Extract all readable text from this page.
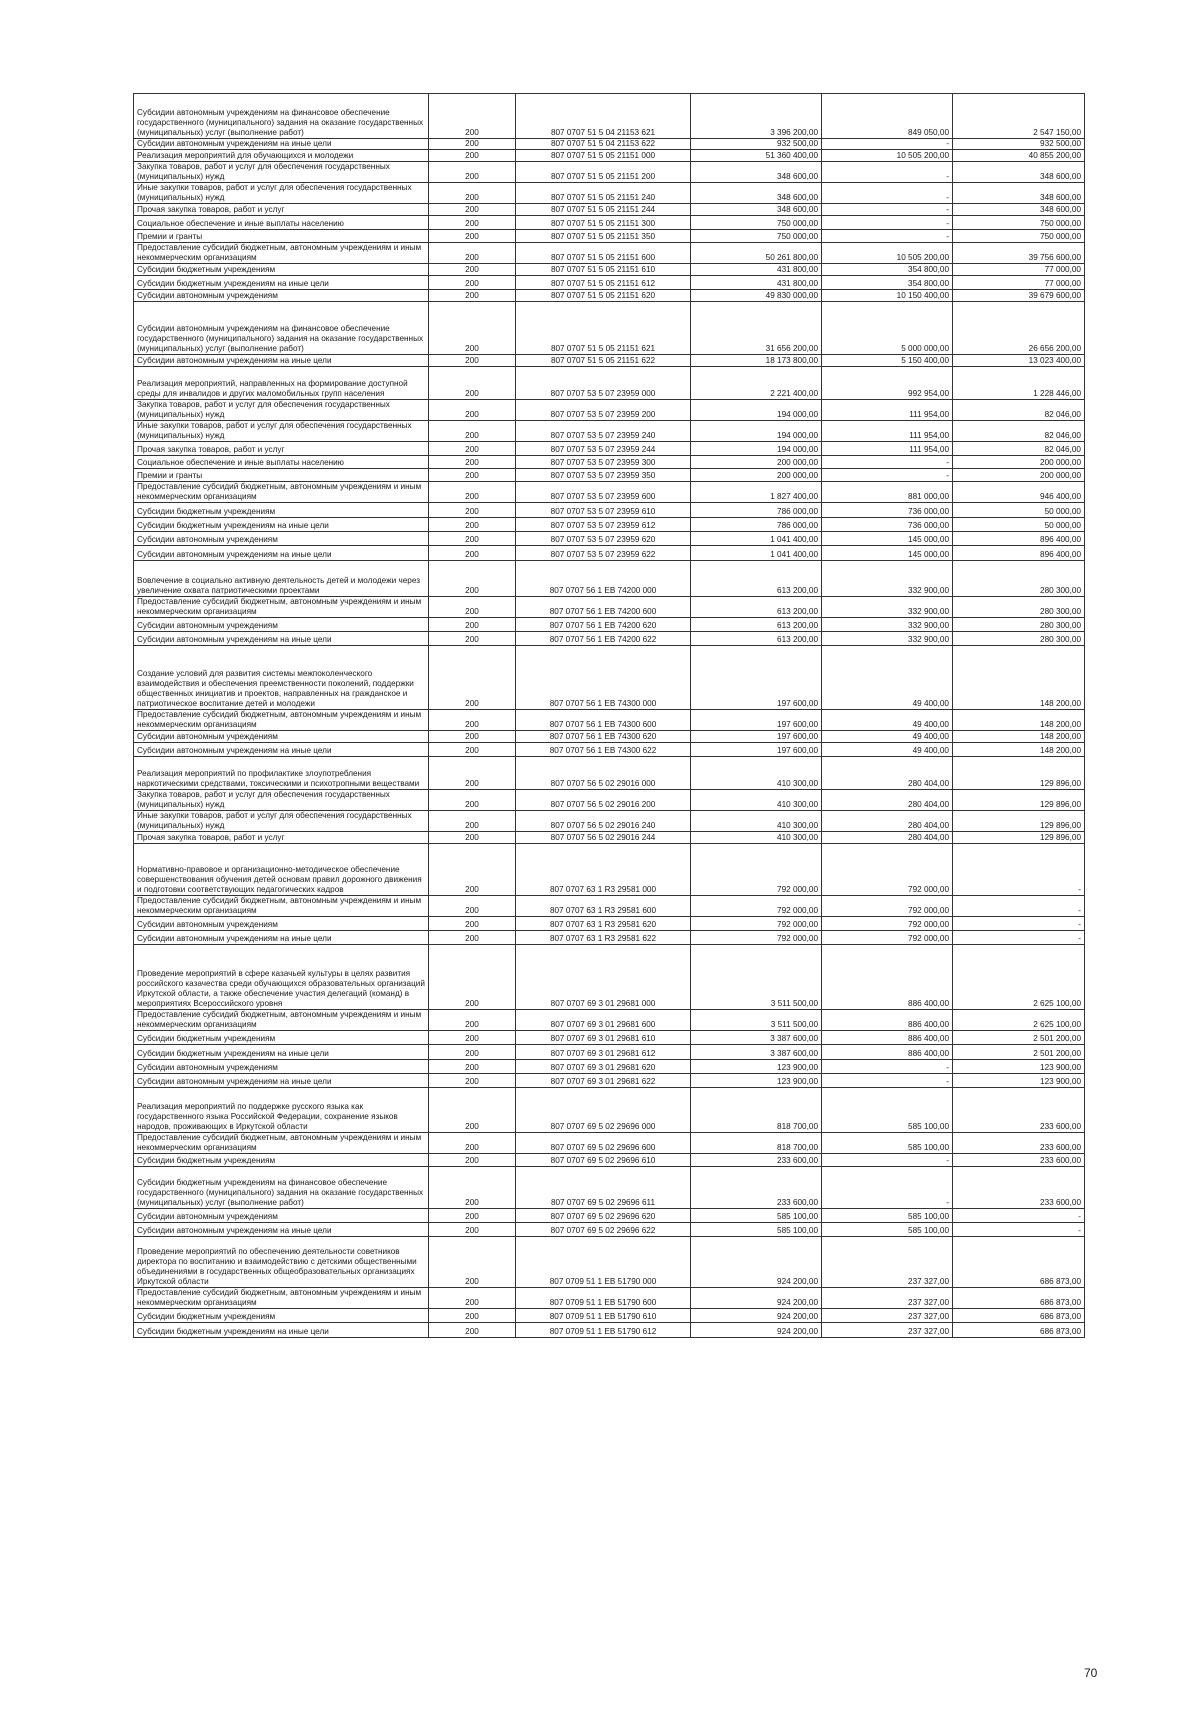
Субсидии автономным учреждениям на финансовое обеспечение государственного (муниципального) задания на оказание государственных (муниципальных) услуг (выполнение работ)	200	807 0707 51 5 04 21153 621	3 396 200,00	849 050,00	2 547 150,00
Субсидии автономным учреждениям на иные цели	200	807 0707 51 5 04 21153 622	932 500,00	-	932 500,00
Реализация мероприятий для обучающихся и молодежи	200	807 0707 51 5 05 21151 000	51 360 400,00	10 505 200,00	40 855 200,00
Закупка товаров, работ и услуг для обеспечения государственных (муниципальных) нужд	200	807 0707 51 5 05 21151 200	348 600,00	-	348 600,00
Иные закупки товаров, работ и услуг для обеспечения государственных (муниципальных) нужд	200	807 0707 51 5 05 21151 240	348 600,00	-	348 600,00
Прочая закупка товаров, работ и услуг	200	807 0707 51 5 05 21151 244	348 600,00	-	348 600,00
Социальное обеспечение и иные выплаты населению	200	807 0707 51 5 05 21151 300	750 000,00	-	750 000,00
Премии и гранты	200	807 0707 51 5 05 21151 350	750 000,00	-	750 000,00
Предоставление субсидий бюджетным, автономным учреждениям и иным некоммерческим организациям	200	807 0707 51 5 05 21151 600	50 261 800,00	10 505 200,00	39 756 600,00
Субсидии бюджетным учреждениям	200	807 0707 51 5 05 21151 610	431 800,00	354 800,00	77 000,00
Субсидии бюджетным учреждениям на иные цели	200	807 0707 51 5 05 21151 612	431 800,00	354 800,00	77 000,00
Субсидии автономным учреждениям	200	807 0707 51 5 05 21151 620	49 830 000,00	10 150 400,00	39 679 600,00
Субсидии автономным учреждениям на финансовое обеспечение государственного (муниципального) задания на оказание государственных (муниципальных) услуг (выполнение работ)	200	807 0707 51 5 05 21151 621	31 656 200,00	5 000 000,00	26 656 200,00
Субсидии автономным учреждениям на иные цели	200	807 0707 51 5 05 21151 622	18 173 800,00	5 150 400,00	13 023 400,00
Реализация мероприятий, направленных на формирование доступной среды для инвалидов и других маломобильных групп населения	200	807 0707 53 5 07 23959 000	2 221 400,00	992 954,00	1 228 446,00
Закупка товаров, работ и услуг для обеспечения государственных (муниципальных) нужд	200	807 0707 53 5 07 23959 200	194 000,00	111 954,00	82 046,00
Иные закупки товаров, работ и услуг для обеспечения государственных (муниципальных) нужд	200	807 0707 53 5 07 23959 240	194 000,00	111 954,00	82 046,00
Прочая закупка товаров, работ и услуг	200	807 0707 53 5 07 23959 244	194 000,00	111 954,00	82 046,00
Социальное обеспечение и иные выплаты населению	200	807 0707 53 5 07 23959 300	200 000,00	-	200 000,00
Премии и гранты	200	807 0707 53 5 07 23959 350	200 000,00	-	200 000,00
Предоставление субсидий бюджетным, автономным учреждениям и иным некоммерческим организациям	200	807 0707 53 5 07 23959 600	1 827 400,00	881 000,00	946 400,00
Субсидии бюджетным учреждениям	200	807 0707 53 5 07 23959 610	786 000,00	736 000,00	50 000,00
Субсидии бюджетным учреждениям на иные цели	200	807 0707 53 5 07 23959 612	786 000,00	736 000,00	50 000,00
Субсидии автономным учреждениям	200	807 0707 53 5 07 23959 620	1 041 400,00	145 000,00	896 400,00
Субсидии автономным учреждениям на иные цели	200	807 0707 53 5 07 23959 622	1 041 400,00	145 000,00	896 400,00
Вовлечение в социально активную деятельность детей и молодежи через увеличение охвата патриотическими проектами	200	807 0707 56 1 EB 74200 000	613 200,00	332 900,00	280 300,00
Предоставление субсидий бюджетным, автономным учреждениям и иным некоммерческим организациям	200	807 0707 56 1 EB 74200 600	613 200,00	332 900,00	280 300,00
Субсидии автономным учреждениям	200	807 0707 56 1 EB 74200 620	613 200,00	332 900,00	280 300,00
Субсидии автономным учреждениям на иные цели	200	807 0707 56 1 EB 74200 622	613 200,00	332 900,00	280 300,00
Создание условий для развития системы межпоколенческого взаимодействия и обеспечения преемственности поколений, поддержки общественных инициатив и проектов, направленных на гражданское и патриотическое воспитание детей и молодежи	200	807 0707 56 1 EB 74300 000	197 600,00	49 400,00	148 200,00
Предоставление субсидий бюджетным, автономным учреждениям и иным некоммерческим организациям	200	807 0707 56 1 EB 74300 600	197 600,00	49 400,00	148 200,00
Субсидии автономным учреждениям	200	807 0707 56 1 EB 74300 620	197 600,00	49 400,00	148 200,00
Субсидии автономным учреждениям на иные цели	200	807 0707 56 1 EB 74300 622	197 600,00	49 400,00	148 200,00
Реализация мероприятий по профилактике злоупотребления наркотическими средствами, токсическими и психотропными веществами	200	807 0707 56 5 02 29016 000	410 300,00	280 404,00	129 896,00
Закупка товаров, работ и услуг для обеспечения государственных (муниципальных) нужд	200	807 0707 56 5 02 29016 200	410 300,00	280 404,00	129 896,00
Иные закупки товаров, работ и услуг для обеспечения государственных (муниципальных) нужд	200	807 0707 56 5 02 29016 240	410 300,00	280 404,00	129 896,00
Прочая закупка товаров, работ и услуг	200	807 0707 56 5 02 29016 244	410 300,00	280 404,00	129 896,00
Нормативно-правовое и организационно-методическое обеспечение совершенствования обучения детей основам правил дорожного движения и подготовки соответствующих педагогических кадров	200	807 0707 63 1 R3 29581 000	792 000,00	792 000,00	-
Предоставление субсидий бюджетным, автономным учреждениям и иным некоммерческим организациям	200	807 0707 63 1 R3 29581 600	792 000,00	792 000,00	-
Субсидии автономным учреждениям	200	807 0707 63 1 R3 29581 620	792 000,00	792 000,00	-
Субсидии автономным учреждениям на иные цели	200	807 0707 63 1 R3 29581 622	792 000,00	792 000,00	-
Проведение мероприятий в сфере казачьей культуры в целях развития российского казачества среди обучающихся образовательных организаций Иркутской области, а также обеспечение участия делегаций (команд) в мероприятиях Всероссийского уровня	200	807 0707 69 3 01 29681 000	3 511 500,00	886 400,00	2 625 100,00
Предоставление субсидий бюджетным, автономным учреждениям и иным некоммерческим организациям	200	807 0707 69 3 01 29681 600	3 511 500,00	886 400,00	2 625 100,00
Субсидии бюджетным учреждениям	200	807 0707 69 3 01 29681 610	3 387 600,00	886 400,00	2 501 200,00
Субсидии бюджетным учреждениям на иные цели	200	807 0707 69 3 01 29681 612	3 387 600,00	886 400,00	2 501 200,00
Субсидии автономным учреждениям	200	807 0707 69 3 01 29681 620	123 900,00	-	123 900,00
Субсидии автономным учреждениям на иные цели	200	807 0707 69 3 01 29681 622	123 900,00	-	123 900,00
Реализация мероприятий по поддержке русского языка как государственного языка Российской Федерации, сохранение языков народов, проживающих в Иркутской области	200	807 0707 69 5 02 29696 000	818 700,00	585 100,00	233 600,00
Предоставление субсидий бюджетным, автономным учреждениям и иным некоммерческим организациям	200	807 0707 69 5 02 29696 600	818 700,00	585 100,00	233 600,00
Субсидии бюджетным учреждениям	200	807 0707 69 5 02 29696 610	233 600,00	-	233 600,00
Субсидии бюджетным учреждениям на финансовое обеспечение государственного (муниципального) задания на оказание государственных (муниципальных) услуг (выполнение работ)	200	807 0707 69 5 02 29696 611	233 600,00	-	233 600,00
Субсидии автономным учреждениям	200	807 0707 69 5 02 29696 620	585 100,00	585 100,00	-
Субсидии автономным учреждениям на иные цели	200	807 0707 69 5 02 29696 622	585 100,00	585 100,00	-
Проведение мероприятий по обеспечению деятельности советников директора по воспитанию и взаимодействию с детскими общественными объединениями в государственных общеобразовательных организациях Иркутской области	200	807 0709 51 1 EB 51790 000	924 200,00	237 327,00	686 873,00
Предоставление субсидий бюджетным, автономным учреждениям и иным некоммерческим организациям	200	807 0709 51 1 EB 51790 600	924 200,00	237 327,00	686 873,00
Субсидии бюджетным учреждениям	200	807 0709 51 1 EB 51790 610	924 200,00	237 327,00	686 873,00
Субсидии бюджетным учреждениям на иные цели	200	807 0709 51 1 EB 51790 612	924 200,00	237 327,00	686 873,00
70
